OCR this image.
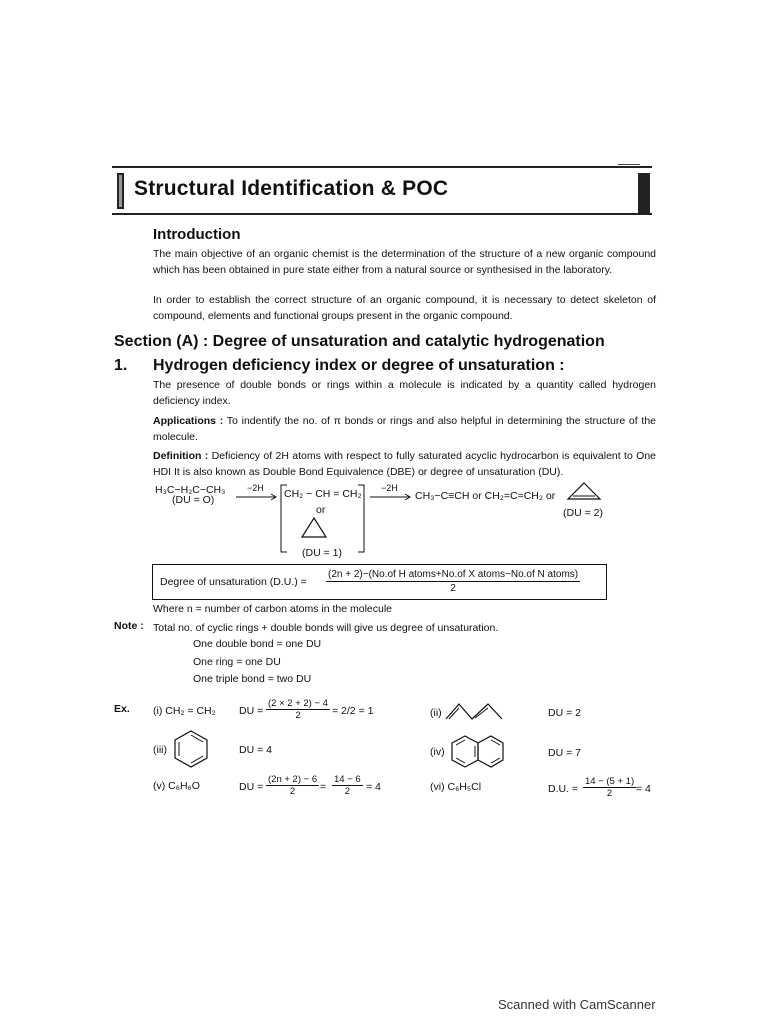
Structural Identification & POC
Introduction
The main objective of an organic chemist is the determination of the structure of a new organic compound which has been obtained in pure state either from a natural source or synthesised in the laboratory.
In order to establish the correct structure of an organic compound, it is necessary to detect skeleton of compound, elements and functional groups present in the organic compound.
Section (A) : Degree of unsaturation and catalytic hydrogenation
1. Hydrogen deficiency index or degree of unsaturation :
The presence of double bonds or rings within a molecule is indicated by a quantity called hydrogen deficiency index.
Applications : To indentify the no. of π bonds or rings and also helpful in determining the structure of the molecule.
Definition : Deficiency of 2H atoms with respect to fully saturated acyclic hydrocarbon is equivalent to One HDI It is also known as Double Bond Equivalence (DBE) or degree of unsaturation (DU).
H₃C−H₂C−CH₃
(DU = O)
−2H CH₂ − CH = CH₂
or
(DU = 1)
−2H
CH₃−C≡CH or CH₂=C=CH₂ or
(DU = 2)
Degree of unsaturation $(D.U.) = \frac{\text{(2n + 2)−(No.of H atoms+No.of X atoms−No.of N atoms)}}{2}$
Where n = number of carbon atoms in the molecule
Note : Total no. of cyclic rings + double bonds will give us degree of unsaturation.
One double bond = one DU
One ring = one DU
One triple bond = two DU
Ex. (i) CH₂ = CH₂ DU = $\frac{(2 \times 2 + 2) - 4}{2} = 2/2 = 1$	(ii)	DU = 2
(iii)	DU = 4	(iv)	DU = 7
(v) C₆H₆O	DU = $\frac{(2n + 2) - 6}{2} = \frac{14 - 6}{2} = 4$	(vi) C₆H₅Cl	D.U. = $\frac{14 - (5 + 1)}{2} = 4$
Scanned with CamScanner
